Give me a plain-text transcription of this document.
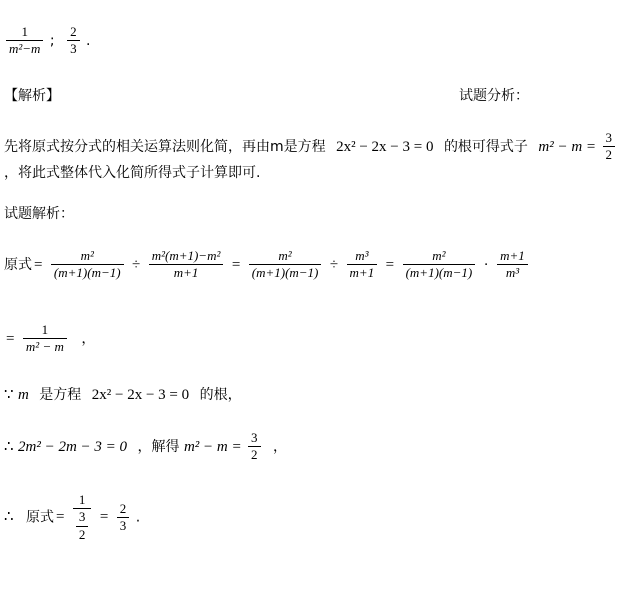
$\frac{1}{\text{m²−m}}$ ; $\frac{2}{3}$ .
【解析】	试题分析：
先将原式按分式的相关运算法则化简，再由m是方程 2x² − 2x − 3 = 0 的根可得式子 $m^2 - m = \frac{3}{2}$
，将此式整体代入化简所得式子计算即可.
试题解析：
原式 = $\frac{\text{m²}}{(m+1)(m-1)} \div \frac{\text{m²(m+1)−m²}}{m+1} = \frac{\text{m²}}{(m+1)(m-1)} \div \frac{\text{m³}}{m+1} = \frac{\text{m²}}{(m+1)(m-1)} \cdot \frac{m+1}{\text{m³}}$
= $\frac{1}{\text{m² − m}}$ ，
∵ m 是方程 2x² − 2x − 3 = 0 的根，
∴ 2m² − 2m − 3 = 0 ，解得 $m^2 - m = \frac{3}{2}$ ，
∴ 原式 = $\frac{1}{\frac{3}{2}} = \frac{2}{3}$ .
